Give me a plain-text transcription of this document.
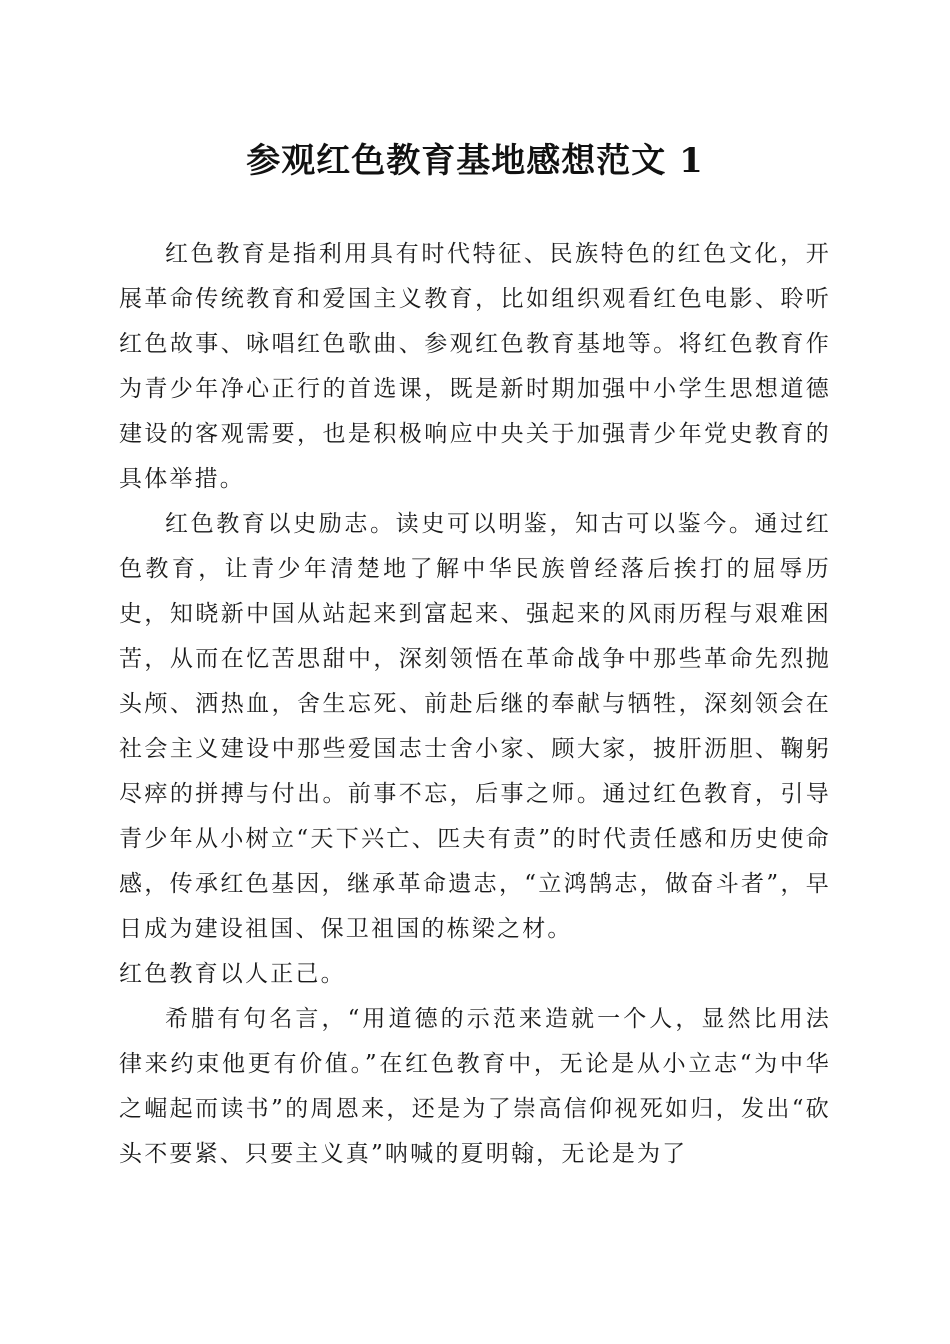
参观红色教育基地感想范文 1

红色教育是指利用具有时代特征、民族特色的红色文化，开展革命传统教育和爱国主义教育，比如组织观看红色电影、聆听红色故事、咏唱红色歌曲、参观红色教育基地等。将红色教育作为青少年净心正行的首选课，既是新时期加强中小学生思想道德建设的客观需要，也是积极响应中央关于加强青少年党史教育的具体举措。

红色教育以史励志。读史可以明鉴，知古可以鉴今。通过红色教育，让青少年清楚地了解中华民族曾经落后挨打的屈辱历史，知晓新中国从站起来到富起来、强起来的风雨历程与艰难困苦，从而在忆苦思甜中，深刻领悟在革命战争中那些革命先烈抛头颅、洒热血，舍生忘死、前赴后继的奉献与牺牲，深刻领会在社会主义建设中那些爱国志士舍小家、顾大家，披肝沥胆、鞠躬尽瘁的拼搏与付出。前事不忘，后事之师。通过红色教育，引导青少年从小树立“天下兴亡、匹夫有责”的时代责任感和历史使命感，传承红色基因，继承革命遗志，“立鸿鹄志，做奋斗者”，早日成为建设祖国、保卫祖国的栋梁之材。

红色教育以人正己。

希腊有句名言，“用道德的示范来造就一个人，显然比用法律来约束他更有价值。”在红色教育中，无论是从小立志“为中华之崛起而读书”的周恩来，还是为了崇高信仰视死如归，发出“砍头不要紧、只要主义真”呐喊的夏明翰，无论是为了
